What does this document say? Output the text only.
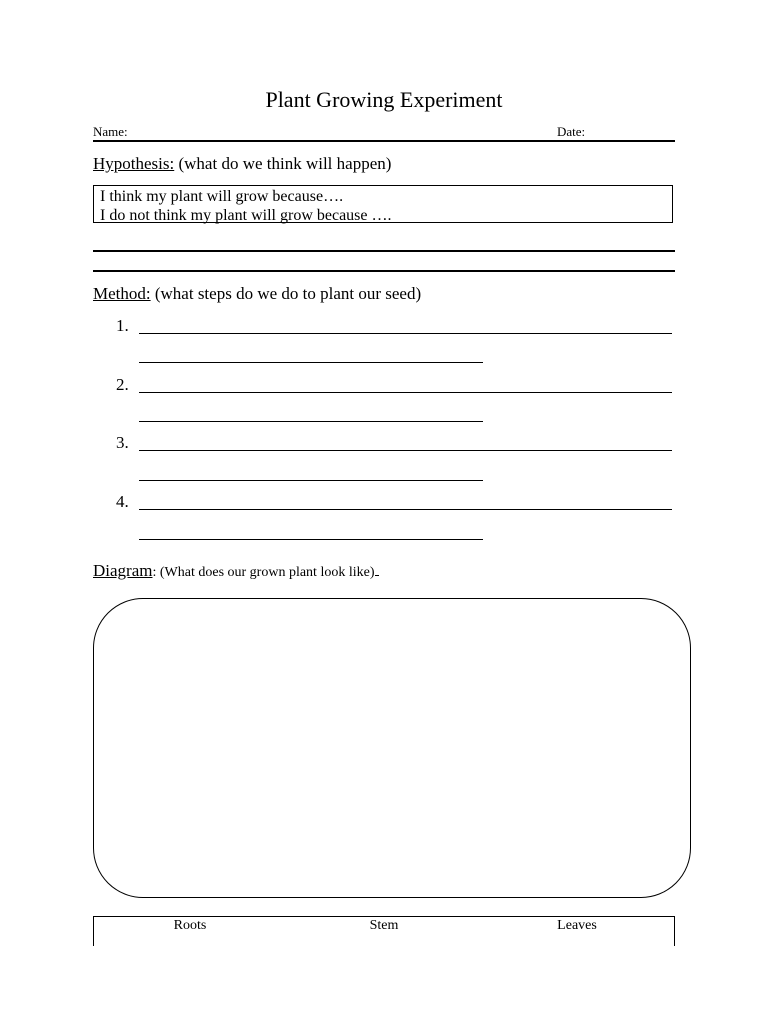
Plant Growing Experiment
Name:	Date:
Hypothesis: (what do we think will happen)
I think my plant will grow because….
I do not think my plant will grow because ….
Method: (what steps do we do to plant our seed)
1.
2.
3.
4.
Diagram: (What does our grown plant look like)
Roots	Stem	Leaves
